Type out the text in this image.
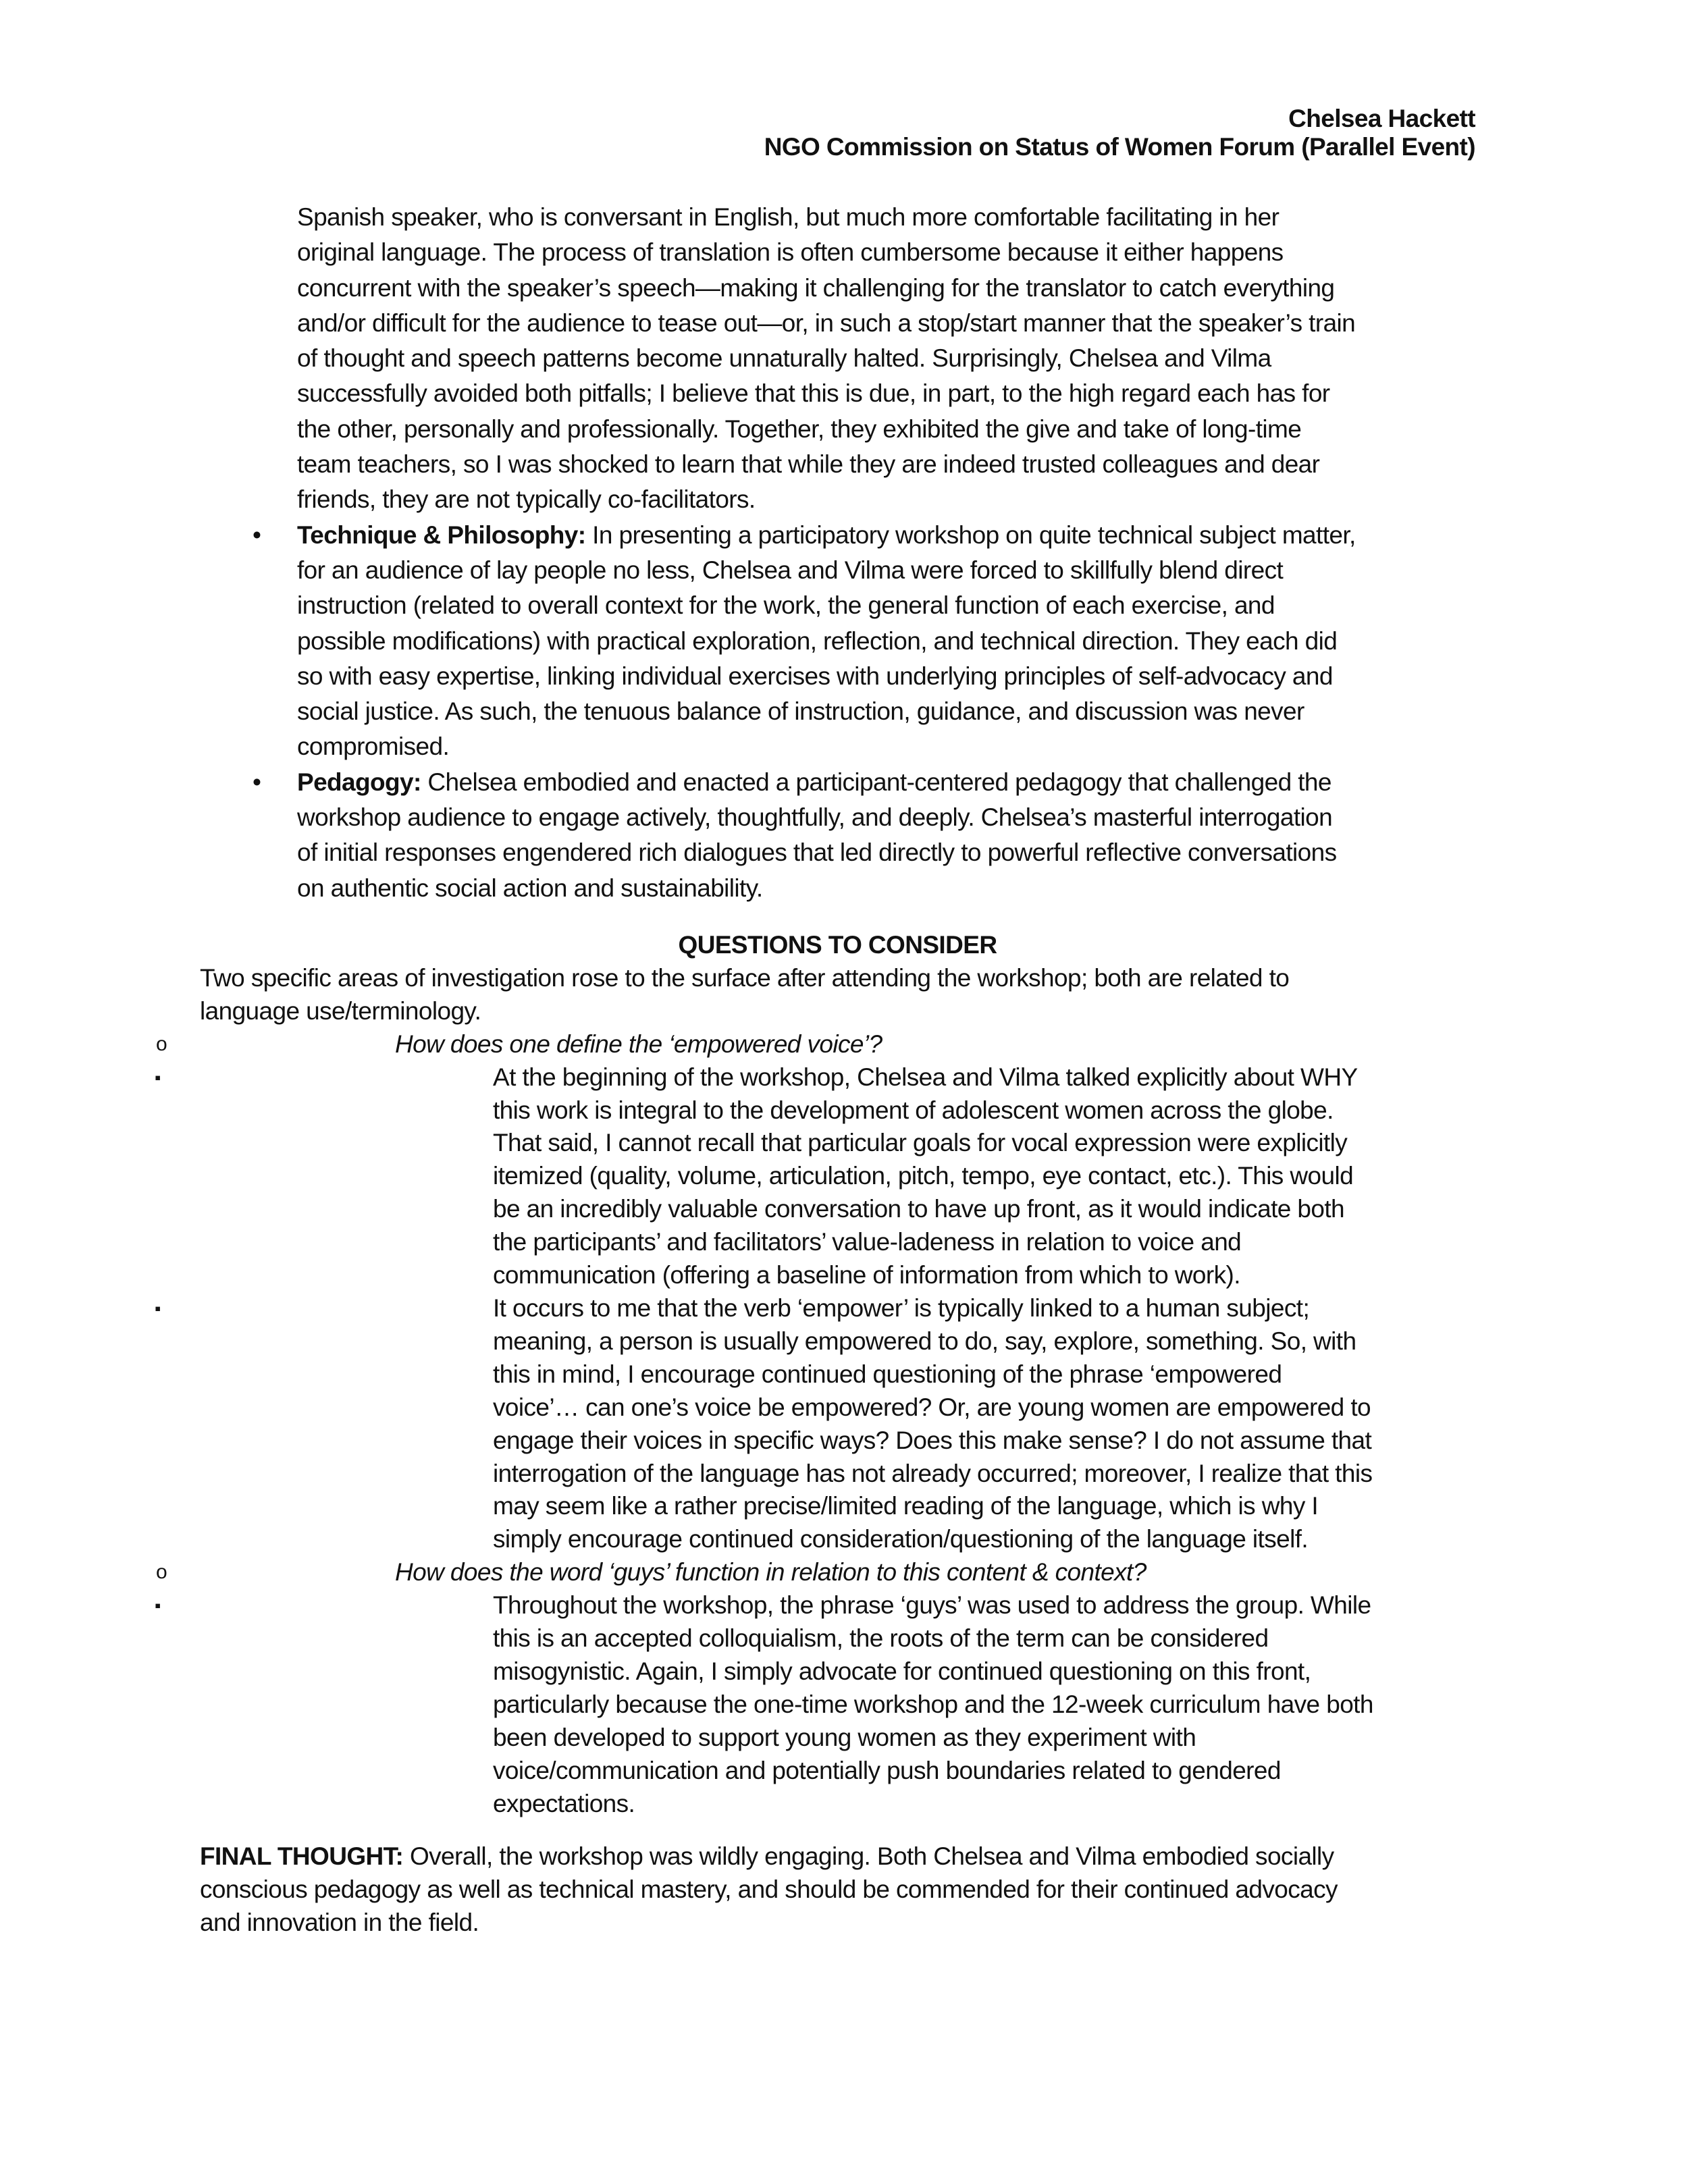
Chelsea Hackett
NGO Commission on Status of Women Forum (Parallel Event)
Spanish speaker, who is conversant in English, but much more comfortable facilitating in her
original language. The process of translation is often cumbersome because it either happens
concurrent with the speaker’s speech—making it challenging for the translator to catch everything
and/or difficult for the audience to tease out—or, in such a stop/start manner that the speaker’s train
of thought and speech patterns become unnaturally halted. Surprisingly, Chelsea and Vilma
successfully avoided both pitfalls; I believe that this is due, in part, to the high regard each has for
the other, personally and professionally. Together, they exhibited the give and take of long-time
team teachers, so I was shocked to learn that while they are indeed trusted colleagues and dear
friends, they are not typically co-facilitators.
• Technique & Philosophy: In presenting a participatory workshop on quite technical subject matter,
for an audience of lay people no less, Chelsea and Vilma were forced to skillfully blend direct
instruction (related to overall context for the work, the general function of each exercise, and
possible modifications) with practical exploration, reflection, and technical direction. They each did
so with easy expertise, linking individual exercises with underlying principles of self-advocacy and
social justice. As such, the tenuous balance of instruction, guidance, and discussion was never
compromised.
• Pedagogy: Chelsea embodied and enacted a participant-centered pedagogy that challenged the
workshop audience to engage actively, thoughtfully, and deeply. Chelsea’s masterful interrogation
of initial responses engendered rich dialogues that led directly to powerful reflective conversations
on authentic social action and sustainability.
QUESTIONS TO CONSIDER
Two specific areas of investigation rose to the surface after attending the workshop; both are related to
language use/terminology.
o	How does one define the ‘empowered voice’?
▪	At the beginning of the workshop, Chelsea and Vilma talked explicitly about WHY
this work is integral to the development of adolescent women across the globe.
That said, I cannot recall that particular goals for vocal expression were explicitly
itemized (quality, volume, articulation, pitch, tempo, eye contact, etc.). This would
be an incredibly valuable conversation to have up front, as it would indicate both
the participants’ and facilitators’ value-ladeness in relation to voice and
communication (offering a baseline of information from which to work).
▪	It occurs to me that the verb ‘empower’ is typically linked to a human subject;
meaning, a person is usually empowered to do, say, explore, something. So, with
this in mind, I encourage continued questioning of the phrase ‘empowered
voice’… can one’s voice be empowered? Or, are young women are empowered to
engage their voices in specific ways? Does this make sense? I do not assume that
interrogation of the language has not already occurred; moreover, I realize that this
may seem like a rather precise/limited reading of the language, which is why I
simply encourage continued consideration/questioning of the language itself.
o	How does the word ‘guys’ function in relation to this content & context?
▪	Throughout the workshop, the phrase ‘guys’ was used to address the group. While
this is an accepted colloquialism, the roots of the term can be considered
misogynistic. Again, I simply advocate for continued questioning on this front,
particularly because the one-time workshop and the 12-week curriculum have both
been developed to support young women as they experiment with
voice/communication and potentially push boundaries related to gendered
expectations.
FINAL THOUGHT: Overall, the workshop was wildly engaging. Both Chelsea and Vilma embodied socially
conscious pedagogy as well as technical mastery, and should be commended for their continued advocacy
and innovation in the field.
